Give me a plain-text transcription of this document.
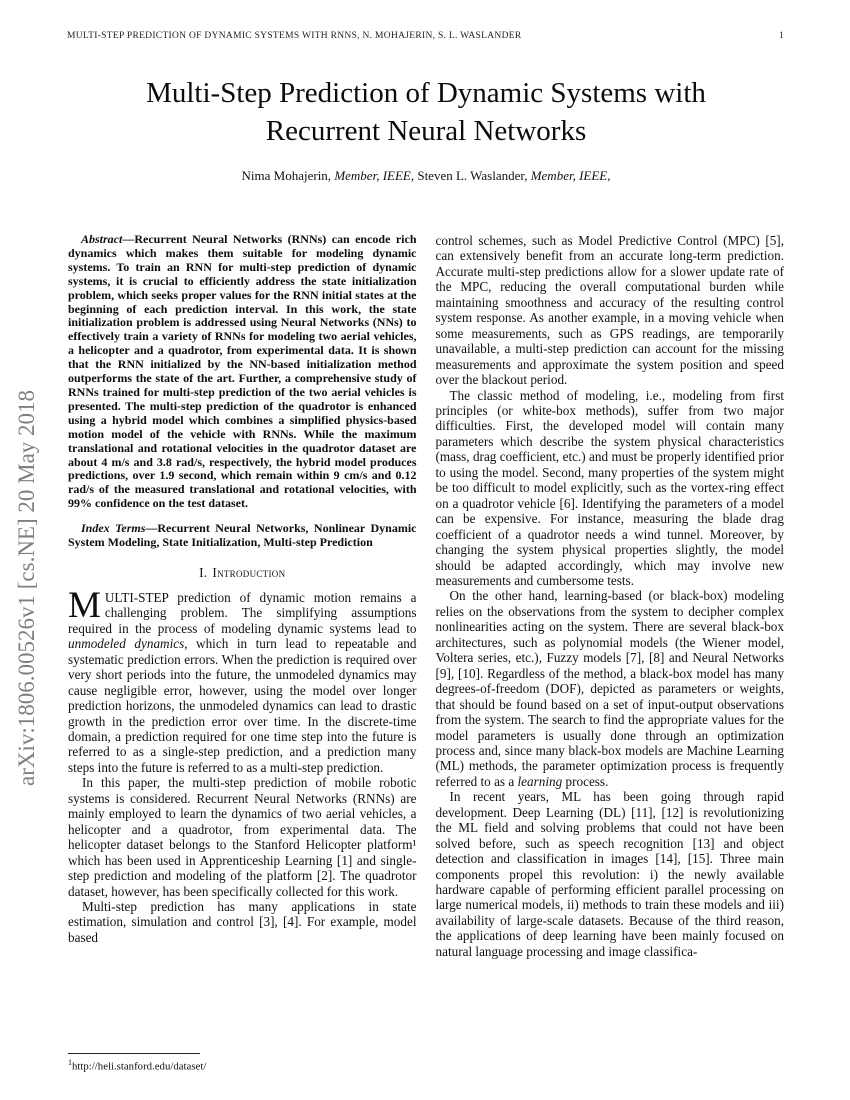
MULTI-STEP PREDICTION OF DYNAMIC SYSTEMS WITH RNNS, N. MOHAJERIN, S. L. WASLANDER	1
arXiv:1806.00526v1 [cs.NE] 20 May 2018
Multi-Step Prediction of Dynamic Systems with
Recurrent Neural Networks
Nima Mohajerin, Member, IEEE, Steven L. Waslander, Member, IEEE,

Abstract—Recurrent Neural Networks (RNNs) can encode rich dynamics which makes them suitable for modeling dynamic systems. To train an RNN for multi-step prediction of dynamic systems, it is crucial to efficiently address the state initialization problem, which seeks proper values for the RNN initial states at the beginning of each prediction interval. In this work, the state initialization problem is addressed using Neural Networks (NNs) to effectively train a variety of RNNs for modeling two aerial vehicles, a helicopter and a quadrotor, from experimental data. It is shown that the RNN initialized by the NN-based initialization method outperforms the state of the art. Further, a comprehensive study of RNNs trained for multi-step prediction of the two aerial vehicles is presented. The multi-step prediction of the quadrotor is enhanced using a hybrid model which combines a simplified physics-based motion model of the vehicle with RNNs. While the maximum translational and rotational velocities in the quadrotor dataset are about 4 m/s and 3.8 rad/s, respectively, the hybrid model produces predictions, over 1.9 second, which remain within 9 cm/s and 0.12 rad/s of the measured translational and rotational velocities, with 99% confidence on the test dataset.

Index Terms—Recurrent Neural Networks, Nonlinear Dynamic System Modeling, State Initialization, Multi-step Prediction

I. Introduction

MULTI-STEP prediction of dynamic motion remains a challenging problem. The simplifying assumptions required in the process of modeling dynamic systems lead to unmodeled dynamics, which in turn lead to repeatable and systematic prediction errors. When the prediction is required over very short periods into the future, the unmodeled dynamics may cause negligible error, however, using the model over longer prediction horizons, the unmodeled dynamics can lead to drastic growth in the prediction error over time. In the discrete-time domain, a prediction required for one time step into the future is referred to as a single-step prediction, and a prediction many steps into the future is referred to as a multi-step prediction.

In this paper, the multi-step prediction of mobile robotic systems is considered. Recurrent Neural Networks (RNNs) are mainly employed to learn the dynamics of two aerial vehicles, a helicopter and a quadrotor, from experimental data. The helicopter dataset belongs to the Stanford Helicopter platform¹ which has been used in Apprenticeship Learning [1] and single-step prediction and modeling of the platform [2]. The quadrotor dataset, however, has been specifically collected for this work.

Multi-step prediction has many applications in state estimation, simulation and control [3], [4]. For example, model based

$^1$http://heli.stanford.edu/dataset/

control schemes, such as Model Predictive Control (MPC) [5], can extensively benefit from an accurate long-term prediction. Accurate multi-step predictions allow for a slower update rate of the MPC, reducing the overall computational burden while maintaining smoothness and accuracy of the resulting control system response. As another example, in a moving vehicle when some measurements, such as GPS readings, are temporarily unavailable, a multi-step prediction can account for the missing measurements and approximate the system position and speed over the blackout period.

The classic method of modeling, i.e., modeling from first principles (or white-box methods), suffer from two major difficulties. First, the developed model will contain many parameters which describe the system physical characteristics (mass, drag coefficient, etc.) and must be properly identified prior to using the model. Second, many properties of the system might be too difficult to model explicitly, such as the vortex-ring effect on a quadrotor vehicle [6]. Identifying the parameters of a model can be expensive. For instance, measuring the blade drag coefficient of a quadrotor needs a wind tunnel. Moreover, by changing the system physical properties slightly, the model should be adapted accordingly, which may involve new measurements and cumbersome tests.

On the other hand, learning-based (or black-box) modeling relies on the observations from the system to decipher complex nonlinearities acting on the system. There are several black-box architectures, such as polynomial models (the Wiener model, Voltera series, etc.), Fuzzy models [7], [8] and Neural Networks [9], [10]. Regardless of the method, a black-box model has many degrees-of-freedom (DOF), depicted as parameters or weights, that should be found based on a set of input-output observations from the system. The search to find the appropriate values for the model parameters is usually done through an optimization process and, since many black-box models are Machine Learning (ML) methods, the parameter optimization process is frequently referred to as a learning process.

In recent years, ML has been going through rapid development. Deep Learning (DL) [11], [12] is revolutionizing the ML field and solving problems that could not have been solved before, such as speech recognition [13] and object detection and classification in images [14], [15]. Three main components propel this revolution: i) the newly available hardware capable of performing efficient parallel processing on large numerical models, ii) methods to train these models and iii) availability of large-scale datasets. Because of the third reason, the applications of deep learning have been mainly focused on natural language processing and image classifica-
